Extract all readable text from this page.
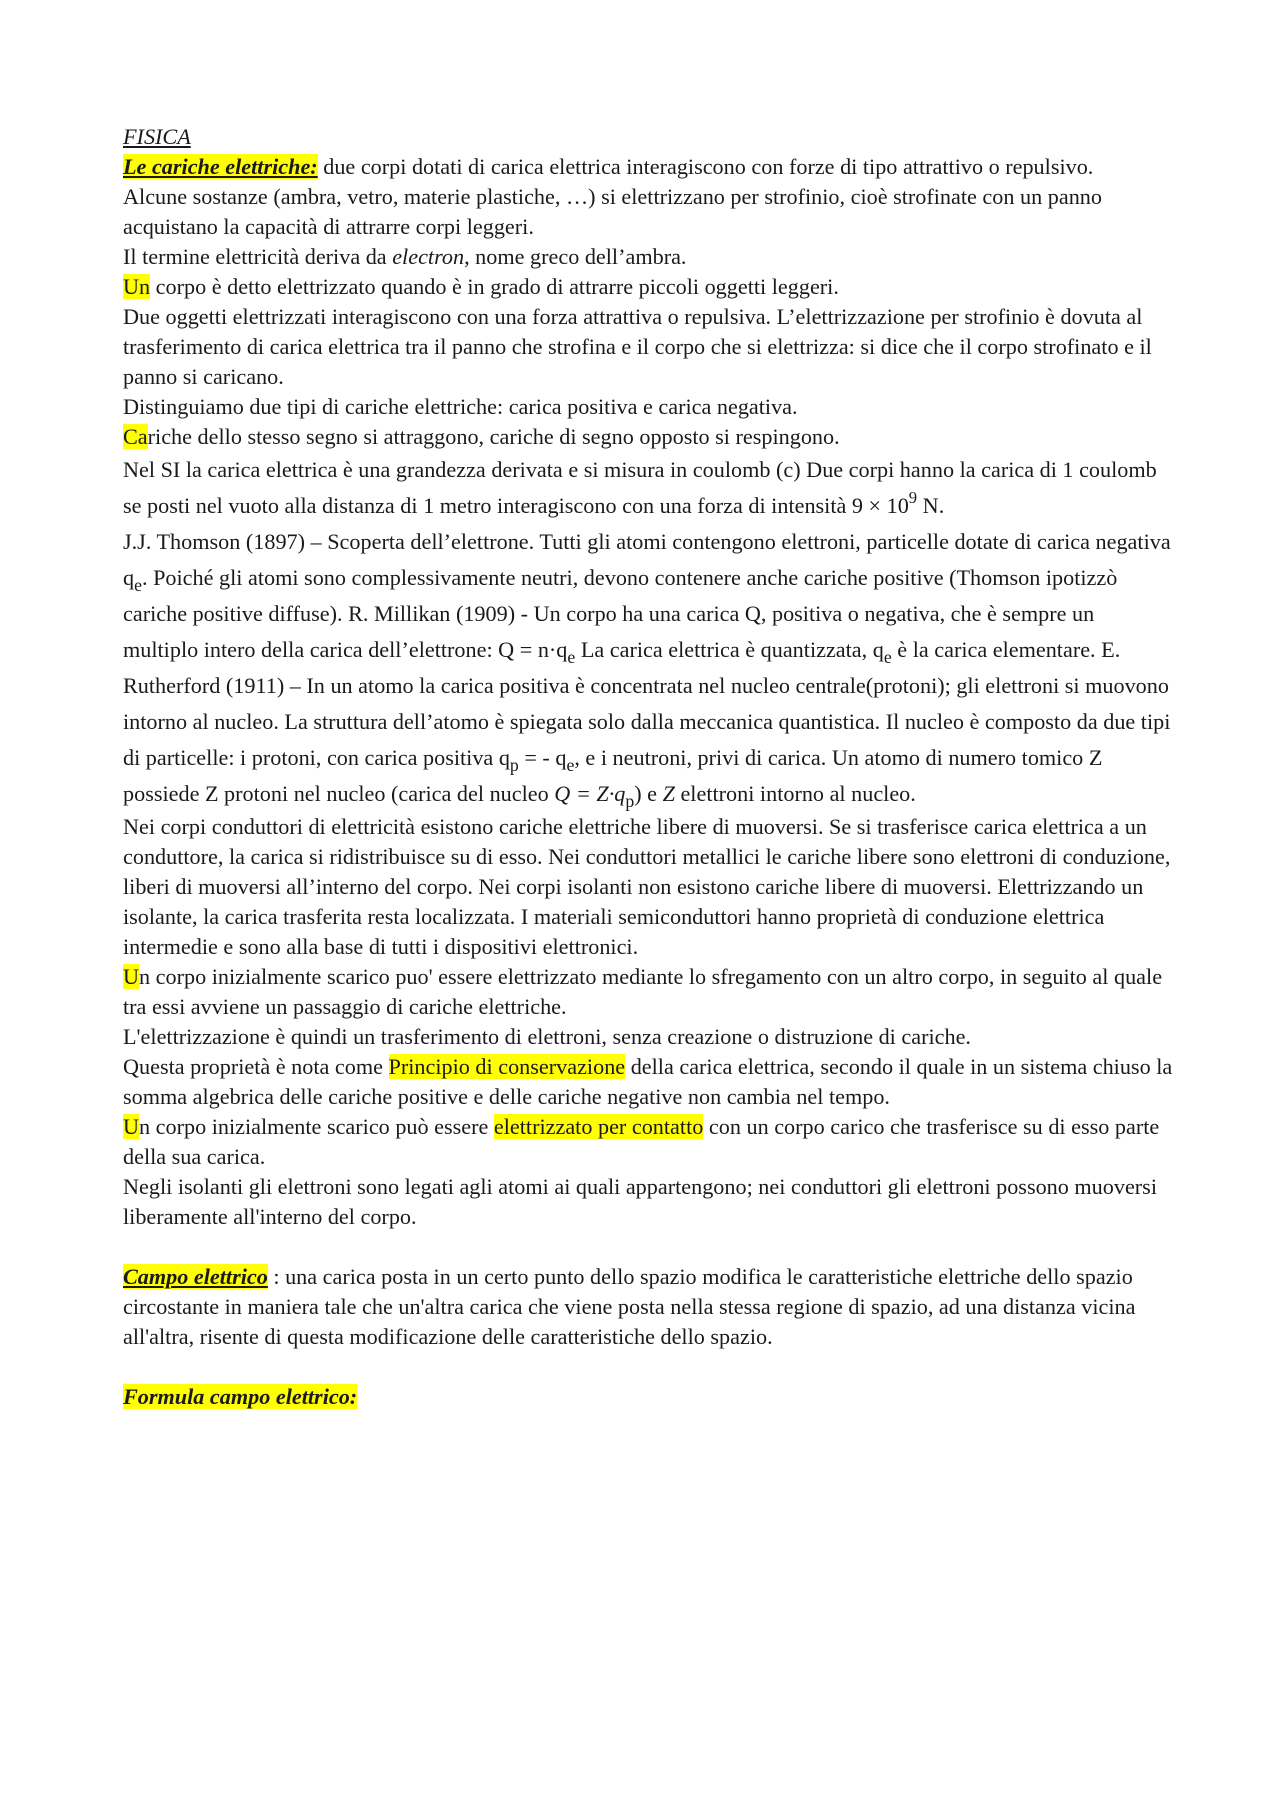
FISICA

Le cariche elettriche: due corpi dotati di carica elettrica interagiscono con forze di tipo attrattivo o repulsivo.

Alcune sostanze (ambra, vetro, materie plastiche, …) si elettrizzano per strofinio, cioè strofinate con un panno acquistano la capacità di attrarre corpi leggeri.

Il termine elettricità deriva da electron, nome greco dell’ambra.

Un corpo è detto elettrizzato quando è in grado di attrarre piccoli oggetti leggeri.

Due oggetti elettrizzati interagiscono con una forza attrattiva o repulsiva. L’elettrizzazione per strofinio è dovuta al trasferimento di carica elettrica tra il panno che strofina e il corpo che si elettrizza: si dice che il corpo strofinato e il panno si caricano.

Distinguiamo due tipi di cariche elettriche: carica positiva e carica negativa.

Cariche dello stesso segno si attraggono, cariche di segno opposto si respingono.

Nel SI la carica elettrica è una grandezza derivata e si misura in coulomb (c) Due corpi hanno la carica di 1 coulomb se posti nel vuoto alla distanza di 1 metro interagiscono con una forza di intensità $9 \times 10^9$ N.

J.J. Thomson (1897) – Scoperta dell’elettrone. Tutti gli atomi contengono elettroni, particelle dotate di carica negativa $q_e$. Poiché gli atomi sono complessivamente neutri, devono contenere anche cariche positive (Thomson ipotizzò cariche positive diffuse). R. Millikan (1909) - Un corpo ha una carica Q, positiva o negativa, che è sempre un multiplo intero della carica dell’elettrone: $Q = n\cdot q_e$ La carica elettrica è quantizzata, $q_e$ è la carica elementare. E. Rutherford (1911) – In un atomo la carica positiva è concentrata nel nucleo centrale(protoni); gli elettroni si muovono intorno al nucleo. La struttura dell’atomo è spiegata solo dalla meccanica quantistica. Il nucleo è composto da due tipi di particelle: i protoni, con carica positiva $q_p$ = - $q_e$, e i neutroni, privi di carica. Un atomo di numero tomico Z possiede Z protoni nel nucleo (carica del nucleo $Q = Z\cdot q_p$) e Z elettroni intorno al nucleo.

Nei corpi conduttori di elettricità esistono cariche elettriche libere di muoversi. Se si trasferisce carica elettrica a un conduttore, la carica si ridistribuisce su di esso. Nei conduttori metallici le cariche libere sono elettroni di conduzione, liberi di muoversi all’interno del corpo. Nei corpi isolanti non esistono cariche libere di muoversi. Elettrizzando un isolante, la carica trasferita resta localizzata. I materiali semiconduttori hanno proprietà di conduzione elettrica intermedie e sono alla base di tutti i dispositivi elettronici.

Un corpo inizialmente scarico puo' essere elettrizzato mediante lo sfregamento con un altro corpo, in seguito al quale tra essi avviene un passaggio di cariche elettriche.

L'elettrizzazione è quindi un trasferimento di elettroni, senza creazione o distruzione di cariche.

Questa proprietà è nota come Principio di conservazione della carica elettrica, secondo il quale in un sistema chiuso la somma algebrica delle cariche positive e delle cariche negative non cambia nel tempo.

Un corpo inizialmente scarico può essere elettrizzato per contatto con un corpo carico che trasferisce su di esso parte della sua carica.

Negli isolanti gli elettroni sono legati agli atomi ai quali appartengono; nei conduttori gli elettroni possono muoversi liberamente all'interno del corpo.

Campo elettrico : una carica posta in un certo punto dello spazio modifica le caratteristiche elettriche dello spazio circostante in maniera tale che un'altra carica che viene posta nella stessa regione di spazio, ad una distanza vicina all'altra, risente di questa modificazione delle caratteristiche dello spazio.

Formula campo elettrico:
